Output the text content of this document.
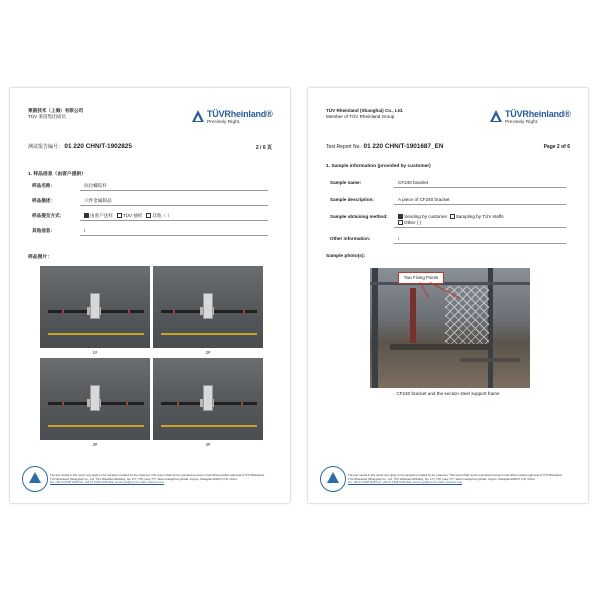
莱茵技术（上海）有限公司
TÜV 莱茵集团成员	TÜVRheinland®
Precisely Right.
测试报告编号： 01 220 CHN/T-1902825	2 / 6 页
1. 样品信息（由客户提供）
样品名称：	抗拉螺纹杆
样品描述：	六件金属制品
样品提交方式：	由客户送样 TÜV 抽样 其他（ ）
其他信息：	/
样品照片：
1#	2#
3#	4#
The test results in this report only apply to the samples provided by the customer. This report shall not be reproduced except in full without written approval of TÜV Rheinland.
TÜV Rheinland (Shanghai) Co., Ltd. TÜV Rheinland Building, No. 177, 178, Lane 777, West Guangzhong Road, Jing'an, Shanghai 200072, P.R. China
Tel: +86 21 6108 1188 Fax: +86 21 6108 1099 Mail: service-gc@tuv.com Web: www.tuv.com
TÜV Rheinland (Shanghai) Co., Ltd.
Member of TÜV Rheinland Group	TÜVRheinland®
Precisely Right.
Test Report No.: 01 220 CHN/T-1901687_EN	Page 2 of 6
1. Sample information (provided by customer)
Sample name:	CF240 bracket
Sample description:	A piece of CF240 bracket
Sample obtaining method:	Sending by customer Sampling by TÜV staffs
Other ( )
Other information:	/
Sample photo(s):
Two Fixing Points
CF240 bracket and the section steel support frame
The test results in this report only apply to the samples provided by the customer. This report shall not be reproduced except in full without written approval of TÜV Rheinland.
TÜV Rheinland (Shanghai) Co., Ltd. TÜV Rheinland Building, No. 177, 178, Lane 777, West Guangzhong Road, Jing'an, Shanghai 200072, P.R. China
Tel: +86 21 6108 1188 Fax: +86 21 6108 1099 Mail: service-gc@tuv.com Web: www.tuv.com
